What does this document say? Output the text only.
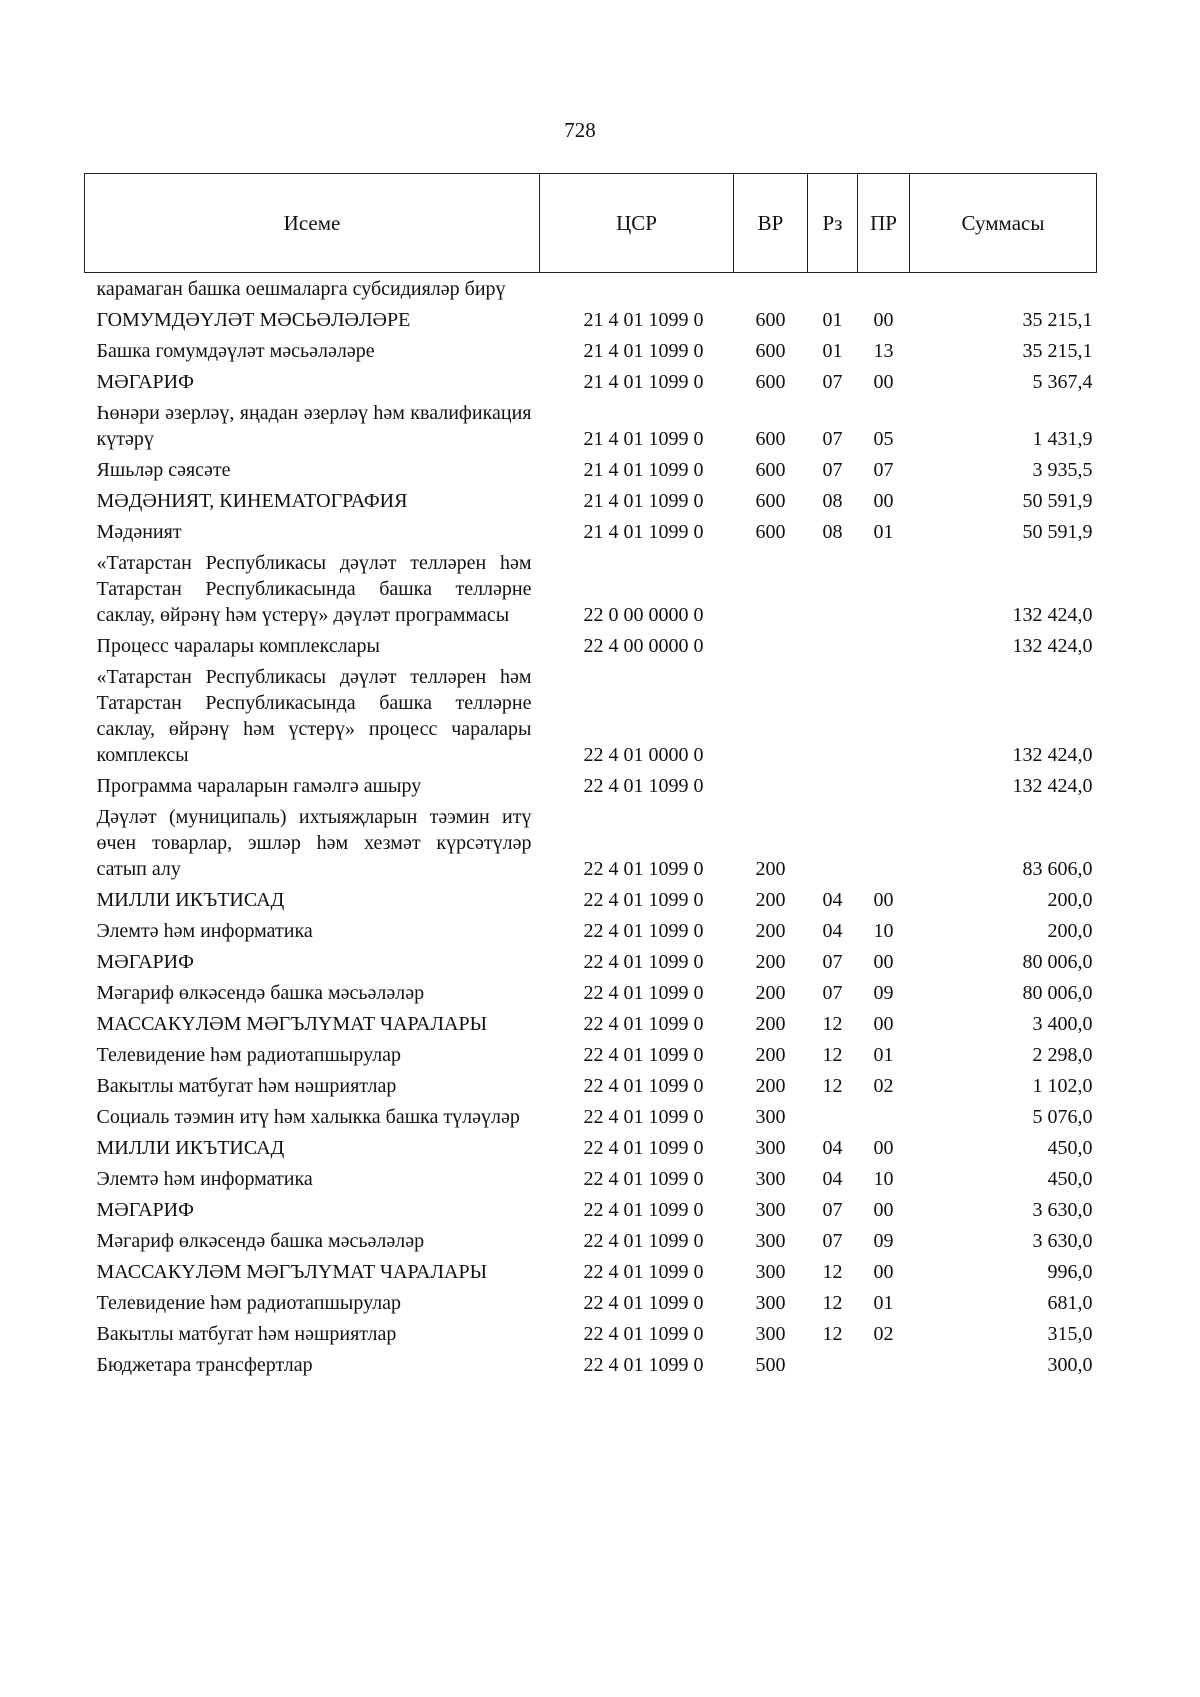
728
Исеме	ЦСР	ВР	Рз	ПР	Суммасы
карамаган башка оешмаларга субсидияләр бирү					
ГОМУМДӘҮЛӘТ МӘСЬӘЛӘЛӘРЕ	21 4 01 1099 0	600	01	00	35 215,1
Башка гомумдәүләт мәсьәләләре	21 4 01 1099 0	600	01	13	35 215,1
МӘГАРИФ	21 4 01 1099 0	600	07	00	5 367,4
Һөнәри әзерләү, яңадан әзерләү һәм квалификация күтәрү	21 4 01 1099 0	600	07	05	1 431,9
Яшьләр сәясәте	21 4 01 1099 0	600	07	07	3 935,5
МӘДӘНИЯТ, КИНЕМАТОГРАФИЯ	21 4 01 1099 0	600	08	00	50 591,9
Мәдәният	21 4 01 1099 0	600	08	01	50 591,9
«Татарстан Республикасы дәүләт телләрен һәм Татарстан Республикасында башка телләрне саклау, өйрәнү һәм үстерү» дәүләт программасы	22 0 00 0000 0				132 424,0
Процесс чаралары комплекслары	22 4 00 0000 0				132 424,0
«Татарстан Республикасы дәүләт телләрен һәм Татарстан Республикасында башка телләрне саклау, өйрәнү һәм үстерү» процесс чаралары комплексы	22 4 01 0000 0				132 424,0
Программа чараларын гамәлгә ашыру	22 4 01 1099 0				132 424,0
Дәүләт (муниципаль) ихтыяҗларын тәэмин итү өчен товарлар, эшләр һәм хезмәт күрсәтүләр сатып алу	22 4 01 1099 0	200			83 606,0
МИЛЛИ ИКЪТИСАД	22 4 01 1099 0	200	04	00	200,0
Элемтә һәм информатика	22 4 01 1099 0	200	04	10	200,0
МӘГАРИФ	22 4 01 1099 0	200	07	00	80 006,0
Мәгариф өлкәсендә башка мәсьәләләр	22 4 01 1099 0	200	07	09	80 006,0
МАССАКҮЛӘМ МӘГЪЛҮМАТ ЧАРАЛАРЫ	22 4 01 1099 0	200	12	00	3 400,0
Телевидение һәм радиотапшырулар	22 4 01 1099 0	200	12	01	2 298,0
Вакытлы матбугат һәм нәшриятлар	22 4 01 1099 0	200	12	02	1 102,0
Социаль тәэмин итү һәм халыкка башка түләүләр	22 4 01 1099 0	300			5 076,0
МИЛЛИ ИКЪТИСАД	22 4 01 1099 0	300	04	00	450,0
Элемтә һәм информатика	22 4 01 1099 0	300	04	10	450,0
МӘГАРИФ	22 4 01 1099 0	300	07	00	3 630,0
Мәгариф өлкәсендә башка мәсьәләләр	22 4 01 1099 0	300	07	09	3 630,0
МАССАКҮЛӘМ МӘГЪЛҮМАТ ЧАРАЛАРЫ	22 4 01 1099 0	300	12	00	996,0
Телевидение һәм радиотапшырулар	22 4 01 1099 0	300	12	01	681,0
Вакытлы матбугат һәм нәшриятлар	22 4 01 1099 0	300	12	02	315,0
Бюджетара трансфертлар	22 4 01 1099 0	500			300,0
